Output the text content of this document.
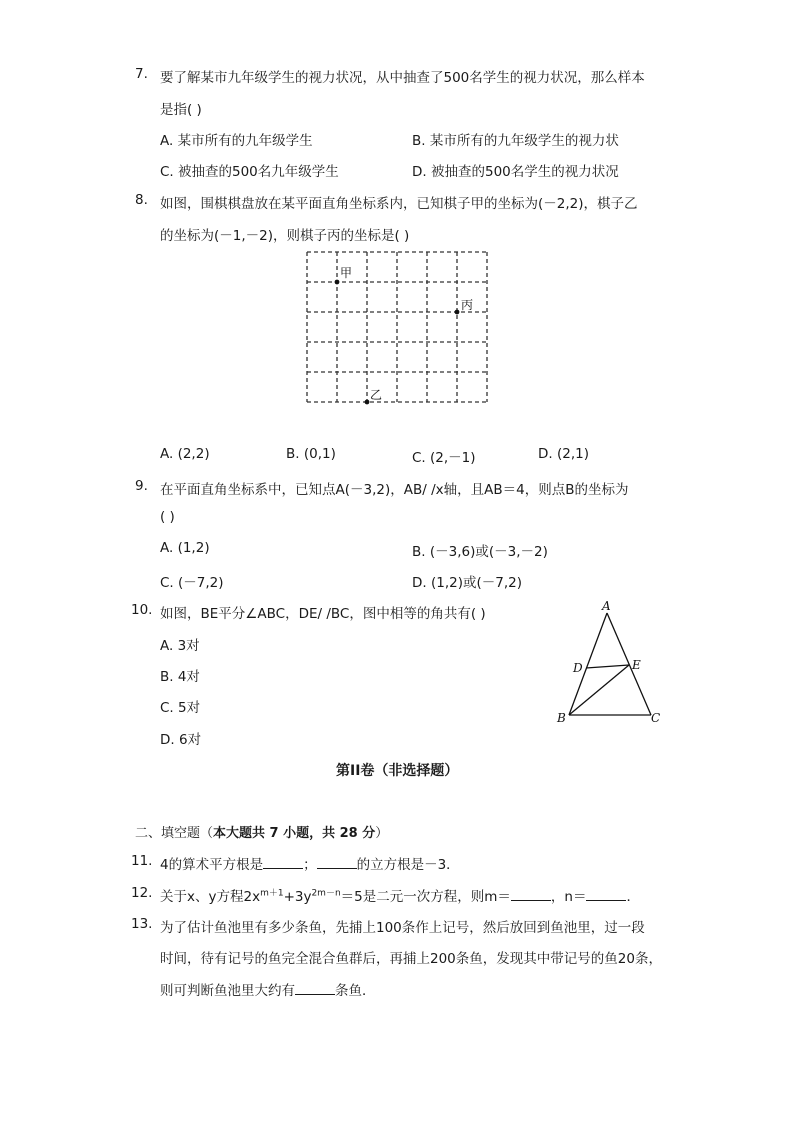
7. 要了解某市九年级学生的视力状况，从中抽查了500名学生的视力状况，那么样本
是指( )
A. 某市所有的九年级学生	B. 某市所有的九年级学生的视力状
C. 被抽查的500名九年级学生	D. 被抽查的500名学生的视力状况
8. 如图，围棋棋盘放在某平面直角坐标系内，已知棋子甲的坐标为(－2,2)，棋子乙
的坐标为(－1,－2)，则棋子丙的坐标是( )
甲
丙
乙
A. (2,2)	B. (0,1)	C. (2,－1)	D. (2,1)
9. 在平面直角坐标系中，已知点A(－3,2)，AB/ /x轴，且AB＝4，则点B的坐标为
( )
A. (1,2)	B. (－3,6)或(－3,－2)
C. (－7,2)	D. (1,2)或(－7,2)
10. 如图，BE平分∠ABC，DE/ /BC，图中相等的角共有( )
A. 3对
B. 4对
C. 5对
D. 6对
A
B	C
D	E
第II卷（非选择题）
二、填空题（本大题共 7 小题，共 28 分）
11. 4的算术平方根是	；	的立方根是－3．
12. 关于x、y方程$2x^{m+1}+3y^{2m-n}=5$是二元一次方程，则m＝	，n＝	．
13. 为了估计鱼池里有多少条鱼，先捕上100条作上记号，然后放回到鱼池里，过一段
时间，待有记号的鱼完全混合鱼群后，再捕上200条鱼，发现其中带记号的鱼20条，
则可判断鱼池里大约有	条鱼．
